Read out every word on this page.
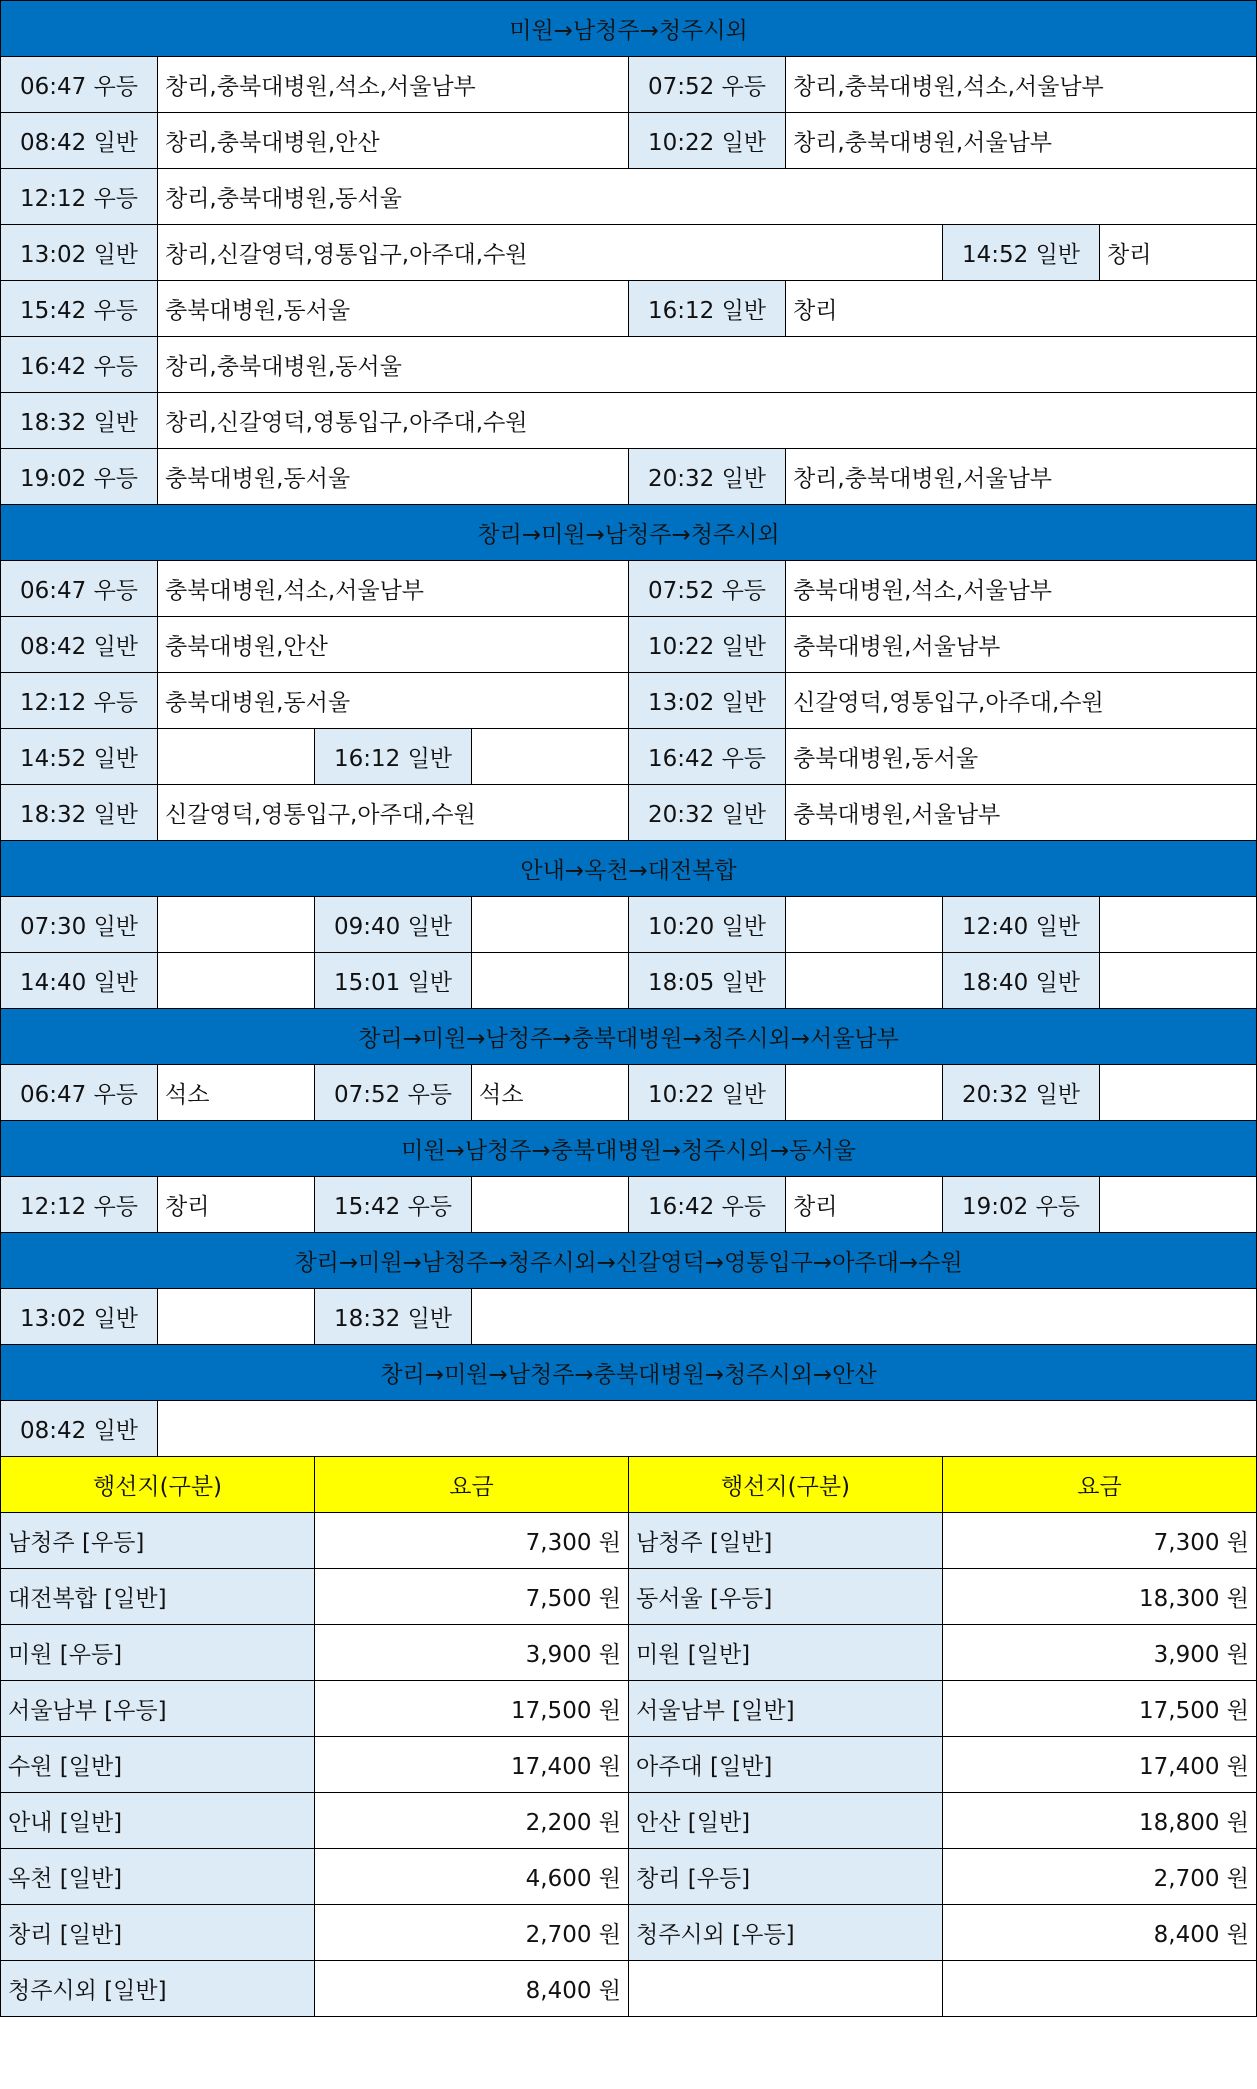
미원→남청주→청주시외							
06:47 우등	창리,충북대병원,석소,서울남부			07:52 우등	창리,충북대병원,석소,서울남부		
08:42 일반	창리,충북대병원,안산			10:22 일반	창리,충북대병원,서울남부		
12:12 우등	창리,충북대병원,동서울						
13:02 일반	창리,신갈영덕,영통입구,아주대,수원					14:52 일반	창리
15:42 우등	충북대병원,동서울			16:12 일반	창리		
16:42 우등	창리,충북대병원,동서울						
18:32 일반	창리,신갈영덕,영통입구,아주대,수원						
19:02 우등	충북대병원,동서울			20:32 일반	창리,충북대병원,서울남부		
창리→미원→남청주→청주시외							
06:47 우등	충북대병원,석소,서울남부			07:52 우등	충북대병원,석소,서울남부		
08:42 일반	충북대병원,안산			10:22 일반	충북대병원,서울남부		
12:12 우등	충북대병원,동서울			13:02 일반	신갈영덕,영통입구,아주대,수원		
14:52 일반		16:12 일반		16:42 우등	충북대병원,동서울		
18:32 일반	신갈영덕,영통입구,아주대,수원			20:32 일반	충북대병원,서울남부		
안내→옥천→대전복합							
07:30 일반		09:40 일반		10:20 일반		12:40 일반	
14:40 일반		15:01 일반		18:05 일반		18:40 일반	
창리→미원→남청주→충북대병원→청주시외→서울남부							
06:47 우등	석소	07:52 우등	석소	10:22 일반		20:32 일반	
미원→남청주→충북대병원→청주시외→동서울							
12:12 우등	창리	15:42 우등		16:42 우등	창리	19:02 우등	
창리→미원→남청주→청주시외→신갈영덕→영통입구→아주대→수원							
13:02 일반		18:32 일반					
창리→미원→남청주→충북대병원→청주시외→안산							
08:42 일반							
행선지(구분)		요금		행선지(구분)		요금	
남청주 [우등]		7,300 원		남청주 [일반]		7,300 원	
대전복합 [일반]		7,500 원		동서울 [우등]		18,300 원	
미원 [우등]		3,900 원		미원 [일반]		3,900 원	
서울남부 [우등]		17,500 원		서울남부 [일반]		17,500 원	
수원 [일반]		17,400 원		아주대 [일반]		17,400 원	
안내 [일반]		2,200 원		안산 [일반]		18,800 원	
옥천 [일반]		4,600 원		창리 [우등]		2,700 원	
창리 [일반]		2,700 원		청주시외 [우등]		8,400 원	
청주시외 [일반]		8,400 원					
